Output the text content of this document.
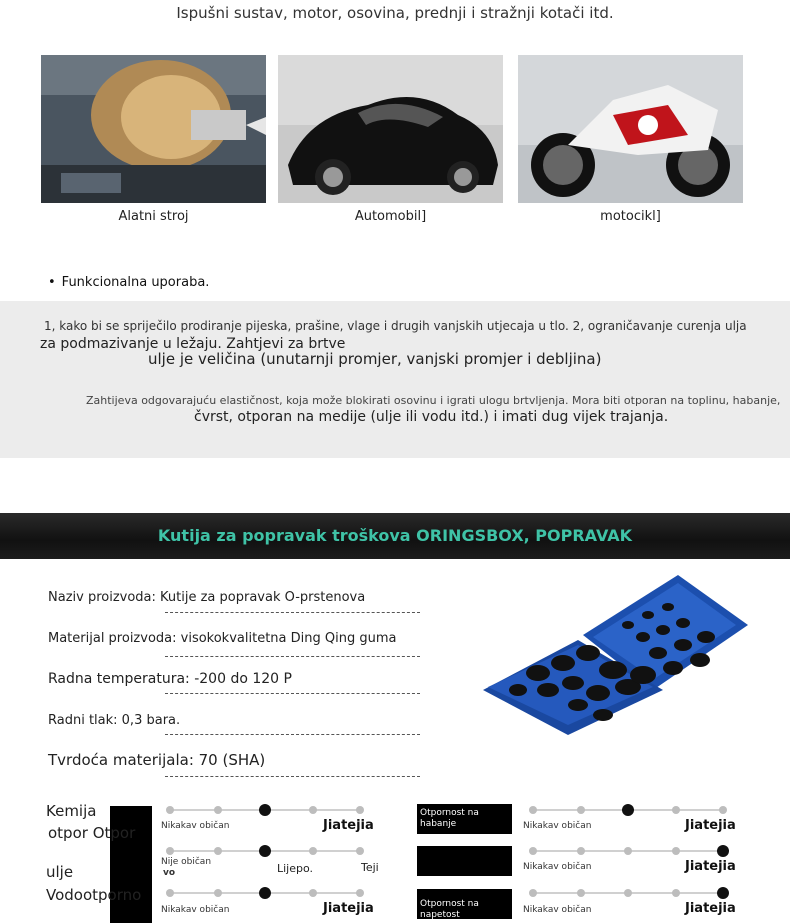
Ispušni sustav, motor, osovina, prednji i stražnji kotači itd.
Alatni stroj	Automobil]	motocikl]
• Funkcionalna uporaba.
1, kako bi se spriječilo prodiranje pijeska, prašine, vlage i drugih vanjskih utjecaja u tlo. 2, ograničavanje curenja ulja
za podmazivanje u ležaju. Zahtjevi za brtve
ulje je veličina (unutarnji promjer, vanjski promjer i debljina)
Zahtijeva odgovarajuću elastičnost, koja može blokirati osovinu i igrati ulogu brtvljenja. Mora biti otporan na toplinu, habanje,
čvrst, otporan na medije (ulje ili vodu itd.) i imati dug vijek trajanja.
Kutija za popravak troškova ORINGSBOX, POPRAVAK
Naziv proizvoda: Kutije za popravak O-prstenova
Materijal proizvoda: visokokvalitetna Ding Qing guma
Radna temperatura: -200 do 120 P
Radni tlak: 0,3 bara.
Tvrdoća materijala: 70 (SHA)
Kemija
otpor Otpor
ulje
Vodootporno
Nikakav običan	Jiatejia
Nije običan
vo	Lijepo.	Teji
Nikakav običan	Jiatejia
Otpornost na habanje	Nikakav običan	Jiatejia
Nikakav običan	Jiatejia
Otpornost na napetost	Nikakav običan	Jiatejia
